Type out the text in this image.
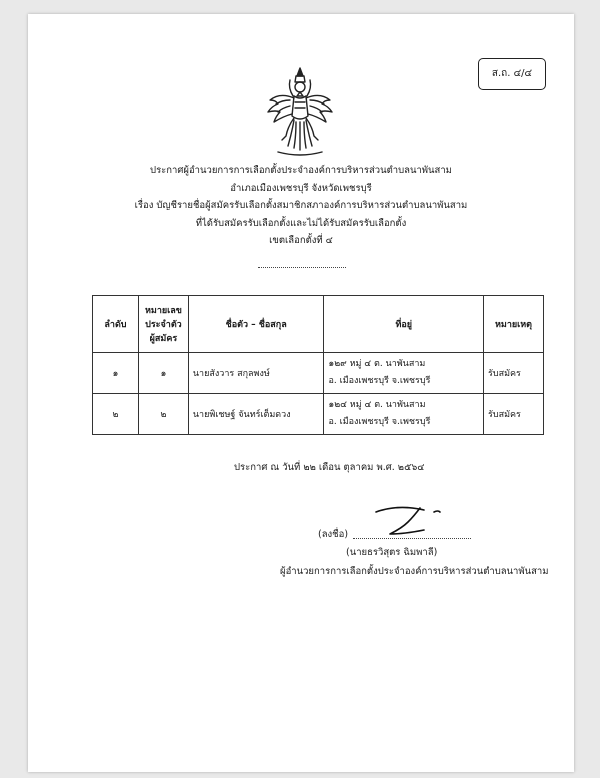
ส.ถ. ๔/๔
ประกาศผู้อำนวยการการเลือกตั้งประจำองค์การบริหารส่วนตำบลนาพันสาม
อำเภอเมืองเพชรบุรี จังหวัดเพชรบุรี
เรื่อง บัญชีรายชื่อผู้สมัครรับเลือกตั้งสมาชิกสภาองค์การบริหารส่วนตำบลนาพันสาม
ที่ได้รับสมัครรับเลือกตั้งและไม่ได้รับสมัครรับเลือกตั้ง
เขตเลือกตั้งที่ ๔
ลำดับ	หมายเลข
ประจำตัว
ผู้สมัคร	ชื่อตัว – ชื่อสกุล	ที่อยู่	หมายเหตุ
๑	๑	นายสังวาร สกุลพงษ์	๑๒๙ หมู่ ๔ ต. นาพันสาม
อ. เมืองเพชรบุรี จ.เพชรบุรี	รับสมัคร
๒	๒	นายพิเชษฐ์ จันทร์เต็มดวง	๑๒๔ หมู่ ๔ ต. นาพันสาม
อ. เมืองเพชรบุรี จ.เพชรบุรี	รับสมัคร
ประกาศ ณ วันที่ ๒๒ เดือน ตุลาคม พ.ศ. ๒๕๖๔
(ลงชื่อ)
(นายธรวิสุตร ฉิมพาลี)
ผู้อำนวยการการเลือกตั้งประจำองค์การบริหารส่วนตำบลนาพันสาม
